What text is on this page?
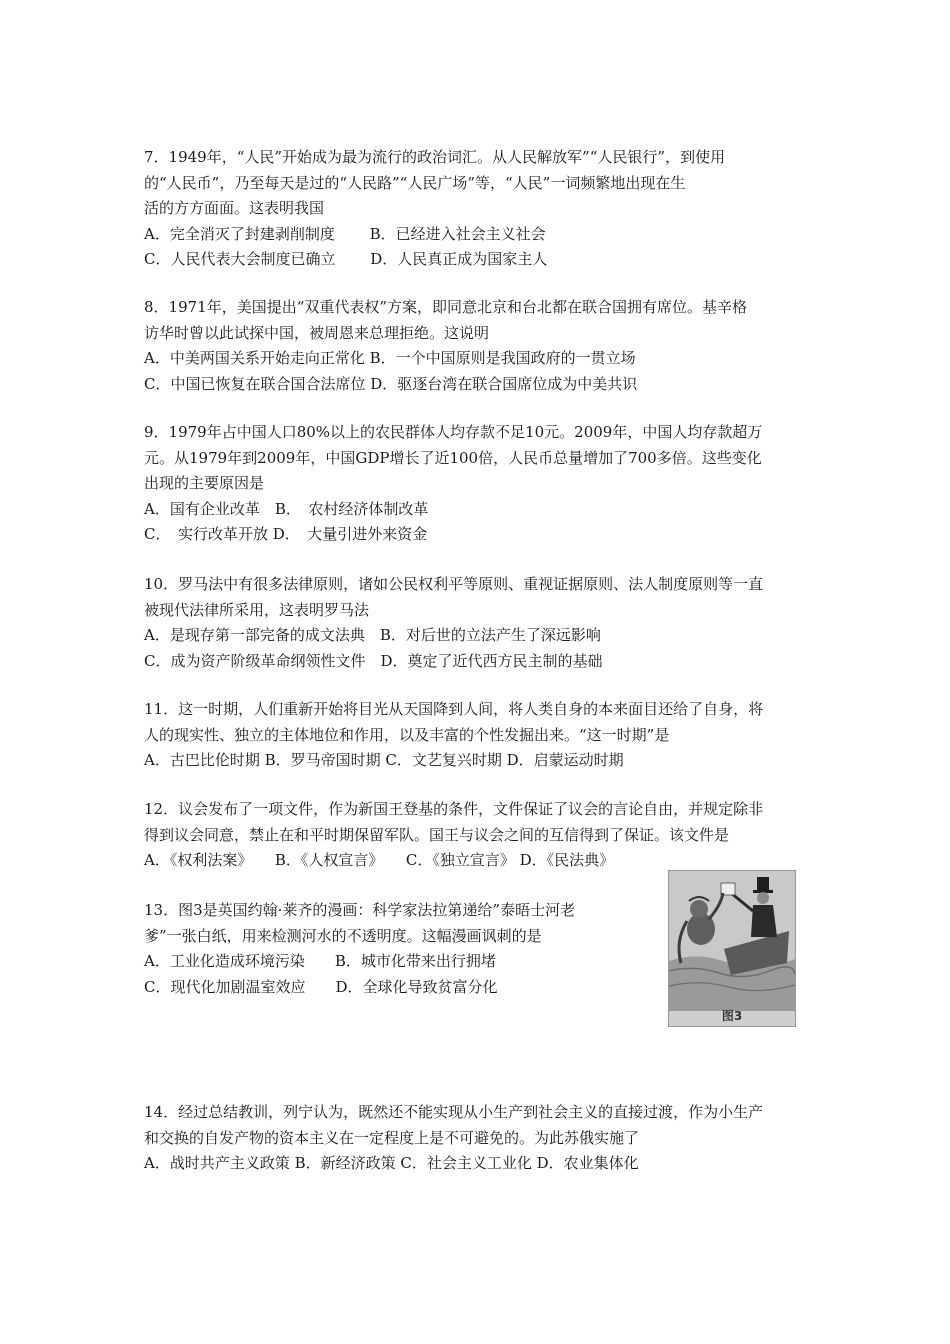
7．1949年，“人民”开始成为最为流行的政治词汇。从人民解放军”“人民银行”，到使用
的“人民币”，乃至每天是过的“人民路”“人民广场”等，“人民”一词频繁地出现在生
活的方方面面。这表明我国
A．完全消灭了封建剥削制度　　 B．已经进入社会主义社会
C．人民代表大会制度已确立　　 D．人民真正成为国家主人
8．1971年，美国提出“双重代表权”方案，即同意北京和台北都在联合国拥有席位。基辛格
访华时曾以此试探中国，被周恩来总理拒绝。这说明
A．中美两国关系开始走向正常化 B．一个中国原则是我国政府的一贯立场
C．中国已恢复在联合国合法席位 D．驱逐台湾在联合国席位成为中美共识
9．1979年占中国人口80%以上的农民群体人均存款不足10元。2009年，中国人均存款超万
元。从1979年到2009年，中国GDP增长了近100倍，人民币总量增加了700多倍。这些变化
出现的主要原因是
A．国有企业改革　B．　农村经济体制改革
C．　实行改革开放 D．　大量引进外来资金
10．罗马法中有很多法律原则，诸如公民权利平等原则、重视证据原则、法人制度原则等一直
被现代法律所采用，这表明罗马法
A．是现存第一部完备的成文法典　B．对后世的立法产生了深远影响
C．成为资产阶级革命纲领性文件　D．奠定了近代西方民主制的基础
11．这一时期，人们重新开始将目光从天国降到人间，将人类自身的本来面目还给了自身，将
人的现实性、独立的主体地位和作用，以及丰富的个性发掘出来。“这一时期”是
A．古巴比伦时期 B．罗马帝国时期 C．文艺复兴时期 D．启蒙运动时期
12．议会发布了一项文件，作为新国王登基的条件，文件保证了议会的言论自由，并规定除非
得到议会同意，禁止在和平时期保留军队。国王与议会之间的互信得到了保证。该文件是
A．《权利法案》　　B．《人权宣言》　　C．《独立宣言》 D．《民法典》
13．图3是英国约翰·莱齐的漫画：科学家法拉第递给”泰晤士河老
爹”一张白纸，用来检测河水的不透明度。这幅漫画讽刺的是
A．工业化造成环境污染　　B．城市化带来出行拥堵
C．现代化加剧温室效应　　D．全球化导致贫富分化
图3
14．经过总结教训，列宁认为，既然还不能实现从小生产到社会主义的直接过渡，作为小生产
和交换的自发产物的资本主义在一定程度上是不可避免的。为此苏俄实施了
A．战时共产主义政策 B．新经济政策 C．社会主义工业化 D．农业集体化
